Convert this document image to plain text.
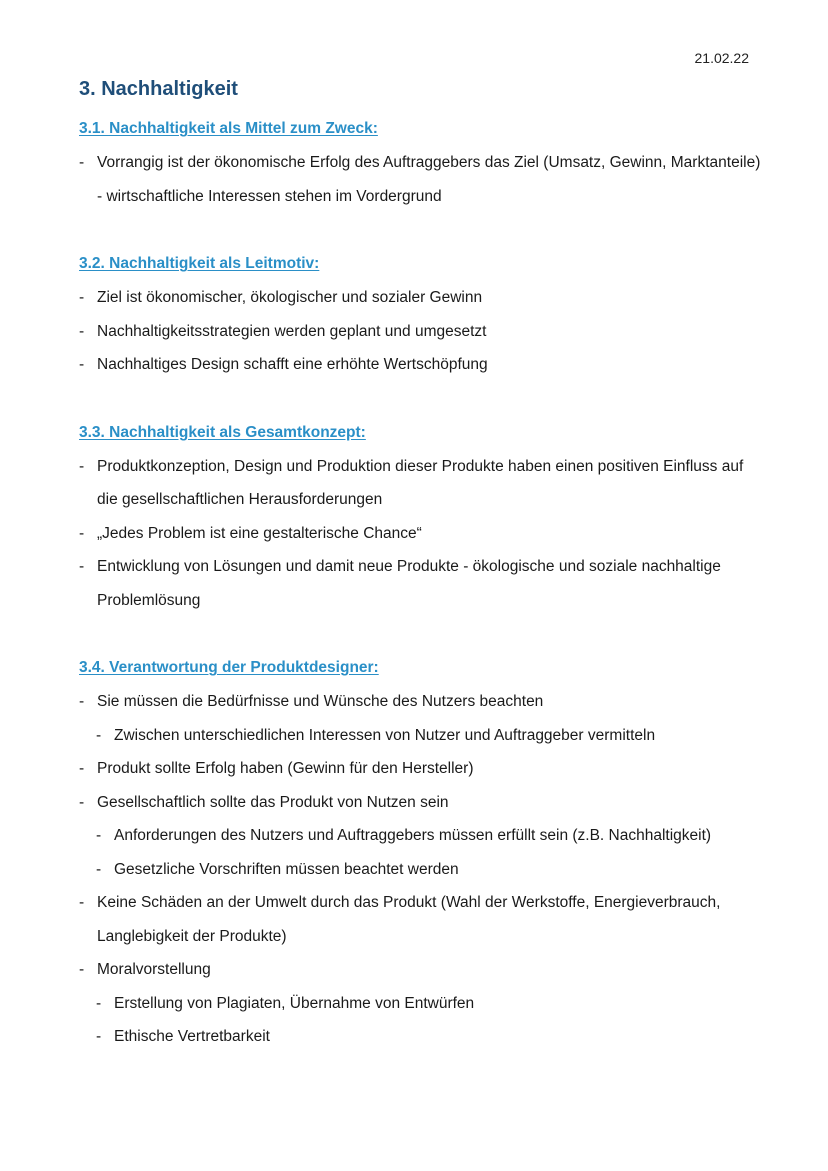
21.02.22
3. Nachhaltigkeit
3.1. Nachhaltigkeit als Mittel zum Zweck:
- Vorrangig ist der ökonomische Erfolg des Auftraggebers das Ziel (Umsatz, Gewinn, Marktanteile) - wirtschaftliche Interessen stehen im Vordergrund
3.2. Nachhaltigkeit als Leitmotiv:
- Ziel ist ökonomischer, ökologischer und sozialer Gewinn
- Nachhaltigkeitsstrategien werden geplant und umgesetzt
- Nachhaltiges Design schafft eine erhöhte Wertschöpfung
3.3. Nachhaltigkeit als Gesamtkonzept:
- Produktkonzeption, Design und Produktion dieser Produkte haben einen positiven Einfluss auf die gesellschaftlichen Herausforderungen
- „Jedes Problem ist eine gestalterische Chance“
- Entwicklung von Lösungen und damit neue Produkte - ökologische und soziale nachhaltige Problemlösung
3.4. Verantwortung der Produktdesigner:
- Sie müssen die Bedürfnisse und Wünsche des Nutzers beachten
- Zwischen unterschiedlichen Interessen von Nutzer und Auftraggeber vermitteln
- Produkt sollte Erfolg haben (Gewinn für den Hersteller)
- Gesellschaftlich sollte das Produkt von Nutzen sein
- Anforderungen des Nutzers und Auftraggebers müssen erfüllt sein (z.B. Nachhaltigkeit)
- Gesetzliche Vorschriften müssen beachtet werden
- Keine Schäden an der Umwelt durch das Produkt (Wahl der Werkstoffe, Energieverbrauch, Langlebigkeit der Produkte)
- Moralvorstellung
- Erstellung von Plagiaten, Übernahme von Entwürfen
- Ethische Vertretbarkeit
